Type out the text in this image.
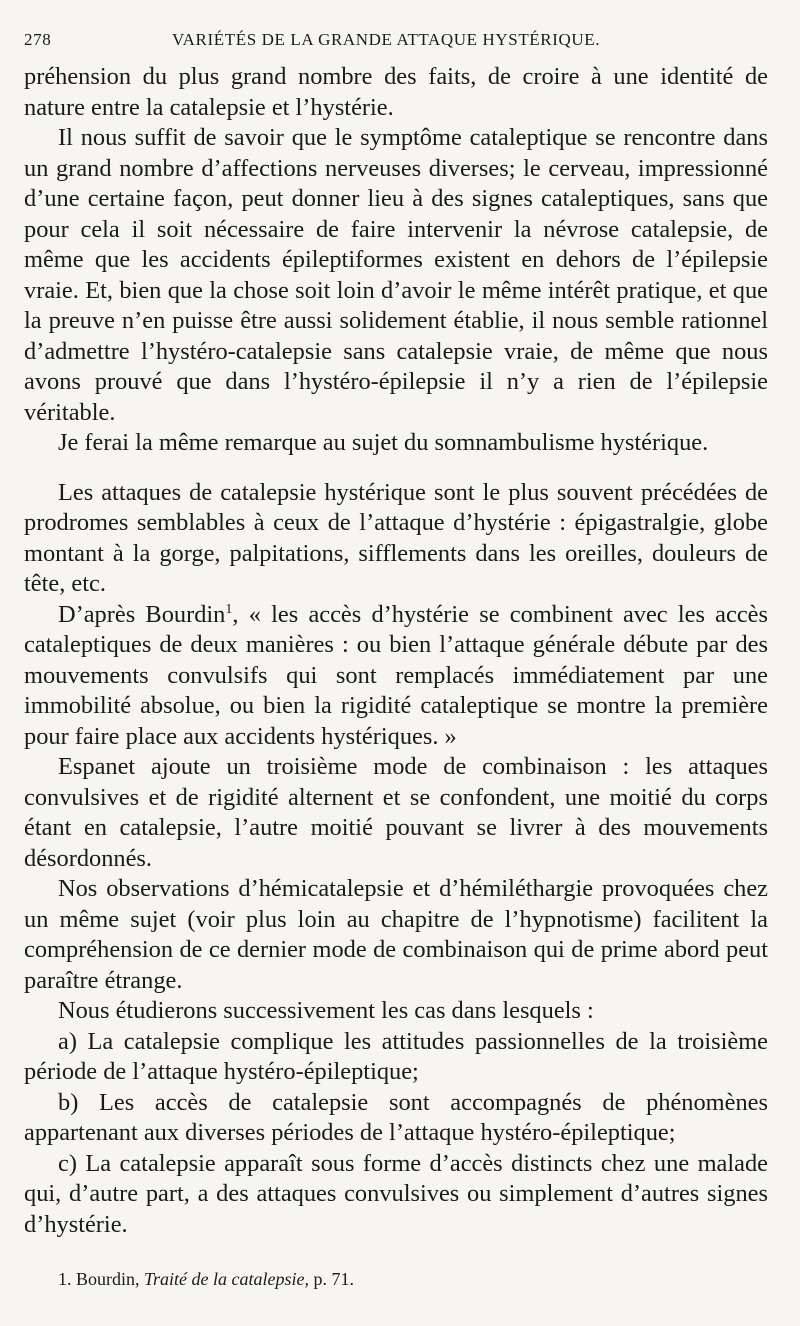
278	VARIÉTÉS DE LA GRANDE ATTAQUE HYSTÉRIQUE.

préhension du plus grand nombre des faits, de croire à une identité de nature entre la catalepsie et l’hystérie.

Il nous suffit de savoir que le symptôme cataleptique se rencontre dans un grand nombre d’affections nerveuses diverses; le cerveau, impressionné d’une certaine façon, peut donner lieu à des signes cataleptiques, sans que pour cela il soit nécessaire de faire intervenir la névrose catalepsie, de même que les accidents épileptiformes existent en dehors de l’épilepsie vraie. Et, bien que la chose soit loin d’avoir le même intérêt pratique, et que la preuve n’en puisse être aussi solidement établie, il nous semble rationnel d’admettre l’hystéro-catalepsie sans catalepsie vraie, de même que nous avons prouvé que dans l’hystéro-épilepsie il n’y a rien de l’épilepsie véritable.

Je ferai la même remarque au sujet du somnambulisme hystérique.

Les attaques de catalepsie hystérique sont le plus souvent précédées de prodromes semblables à ceux de l’attaque d’hystérie : épigastralgie, globe montant à la gorge, palpitations, sifflements dans les oreilles, douleurs de tête, etc.

D’après Bourdin$^1$, « les accès d’hystérie se combinent avec les accès cataleptiques de deux manières : ou bien l’attaque générale débute par des mouvements convulsifs qui sont remplacés immédiatement par une immobilité absolue, ou bien la rigidité cataleptique se montre la première pour faire place aux accidents hystériques. »

Espanet ajoute un troisième mode de combinaison : les attaques convulsives et de rigidité alternent et se confondent, une moitié du corps étant en catalepsie, l’autre moitié pouvant se livrer à des mouvements désordonnés.

Nos observations d’hémicatalepsie et d’hémiléthargie provoquées chez un même sujet (voir plus loin au chapitre de l’hypnotisme) facilitent la compréhension de ce dernier mode de combinaison qui de prime abord peut paraître étrange.

Nous étudierons successivement les cas dans lesquels :

a) La catalepsie complique les attitudes passionnelles de la troisième période de l’attaque hystéro-épileptique;

b) Les accès de catalepsie sont accompagnés de phénomènes appartenant aux diverses périodes de l’attaque hystéro-épileptique;

c) La catalepsie apparaît sous forme d’accès distincts chez une malade qui, d’autre part, a des attaques convulsives ou simplement d’autres signes d’hystérie.

1. Bourdin, Traité de la catalepsie, p. 71.
